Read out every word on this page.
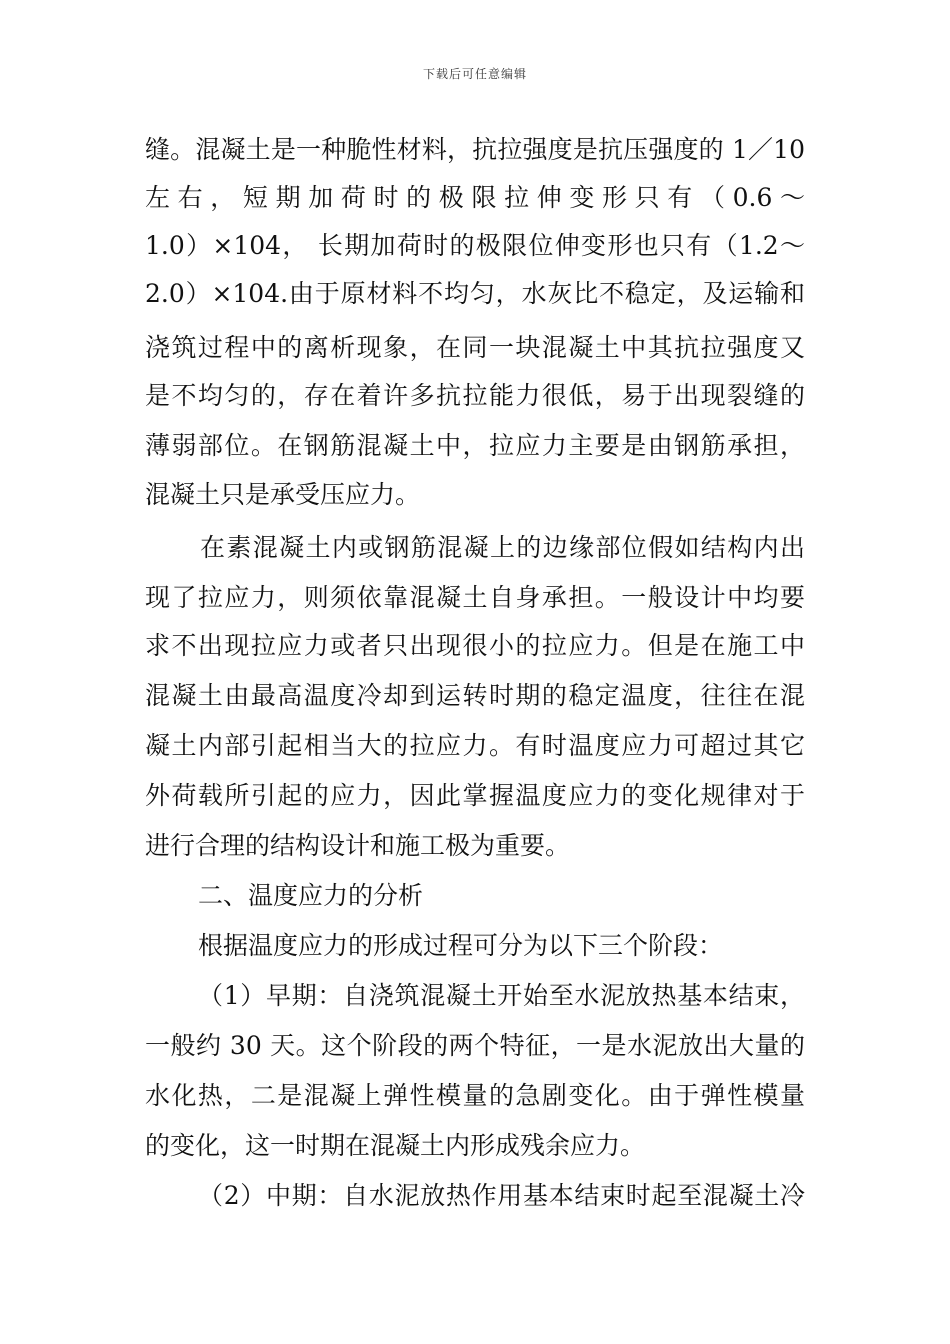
下载后可任意编辑
缝。混凝土是一种脆性材料，抗拉强度是抗压强度的 1／10
左右，短期加荷时的极限拉伸变形只有（0.6～
1.0）×104， 长期加荷时的极限位伸变形也只有（1.2～
2.0）×104.由于原材料不均匀，水灰比不稳定，及运输和
浇筑过程中的离析现象，在同一块混凝土中其抗拉强度又
是不均匀的，存在着许多抗拉能力很低，易于出现裂缝的
薄弱部位。在钢筋混凝土中，拉应力主要是由钢筋承担，
混凝土只是承受压应力。
在素混凝土内或钢筋混凝上的边缘部位假如结构内出
现了拉应力，则须依靠混凝土自身承担。一般设计中均要
求不出现拉应力或者只出现很小的拉应力。但是在施工中
混凝土由最高温度冷却到运转时期的稳定温度，往往在混
凝土内部引起相当大的拉应力。有时温度应力可超过其它
外荷载所引起的应力，因此掌握温度应力的变化规律对于
进行合理的结构设计和施工极为重要。
二、温度应力的分析
根据温度应力的形成过程可分为以下三个阶段：
（1）早期：自浇筑混凝土开始至水泥放热基本结束，
一般约 30 天。这个阶段的两个特征，一是水泥放出大量的
水化热，二是混凝上弹性模量的急剧变化。由于弹性模量
的变化，这一时期在混凝土内形成残余应力。
（2）中期：自水泥放热作用基本结束时起至混凝土冷
